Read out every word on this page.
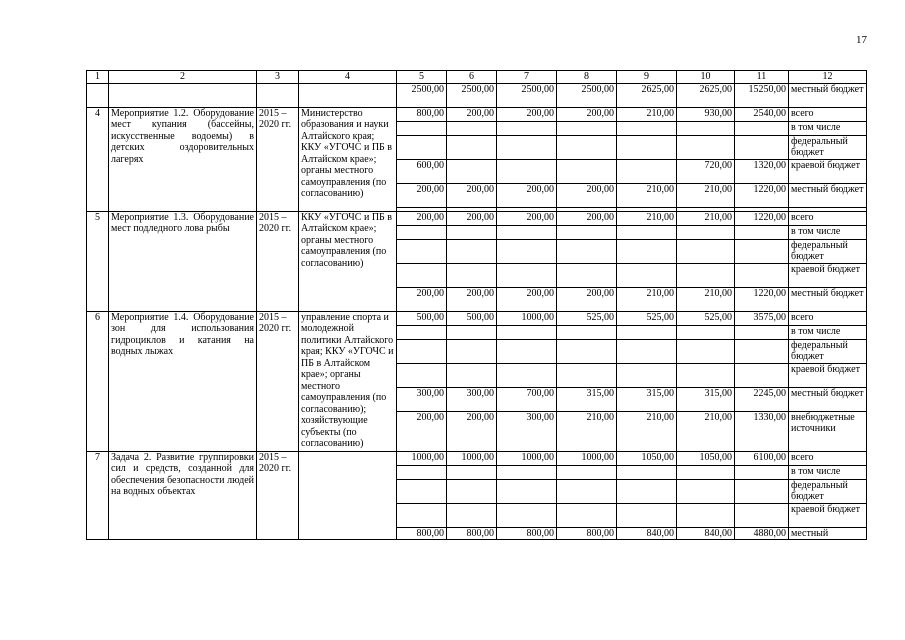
17
1	2	3	4	5	6	7	8	9	10	11	12
				2500,00	2500,00	2500,00	2500,00	2625,00	2625,00	15250,00	местный бюджет
4	Мероприятие 1.2. Оборудование мест купания (бассейны, искусственные водоемы) в детских оздоровительных лагерях	2015 – 2020 гг.	Министерство образования и науки Алтайского края; ККУ «УГОЧС и ПБ в Алтайском крае»; органы местного самоуправления (по согласованию)	800,00	200,00	200,00	200,00	210,00	930,00	2540,00	всего
											в том числе
											федеральный бюджет
				600,00					720,00	1320,00	краевой бюджет
				200,00	200,00	200,00	200,00	210,00	210,00	1220,00	местный бюджет

5	Мероприятие 1.3. Оборудование мест подледного лова рыбы	2015 – 2020 гг.	ККУ «УГОЧС и ПБ в Алтайском крае»; органы местного самоуправления (по согласованию)	200,00	200,00	200,00	200,00	210,00	210,00	1220,00	всего
											в том числе
											федеральный бюджет
											краевой бюджет
				200,00	200,00	200,00	200,00	210,00	210,00	1220,00	местный бюджет
6	Мероприятие 1.4. Оборудование зон для использования гидроциклов и катания на водных лыжах	2015 – 2020 гг.	управление спорта и молодежной политики Алтайского края; ККУ «УГОЧС и ПБ в Алтайском крае»; органы местного самоуправления (по согласованию); хозяйствующие субъекты (по согласованию)	500,00	500,00	1000,00	525,00	525,00	525,00	3575,00	всего
											в том числе
											федеральный бюджет
											краевой бюджет
				300,00	300,00	700,00	315,00	315,00	315,00	2245,00	местный бюджет
				200,00	200,00	300,00	210,00	210,00	210,00	1330,00	внебюджетные источники
7	Задача 2. Развитие группировки сил и средств, созданной для обеспечения безопасности людей на водных объектах	2015 – 2020 гг.		1000,00	1000,00	1000,00	1000,00	1050,00	1050,00	6100,00	всего
											в том числе
											федеральный бюджет
											краевой бюджет
				800,00	800,00	800,00	800,00	840,00	840,00	4880,00	местный
